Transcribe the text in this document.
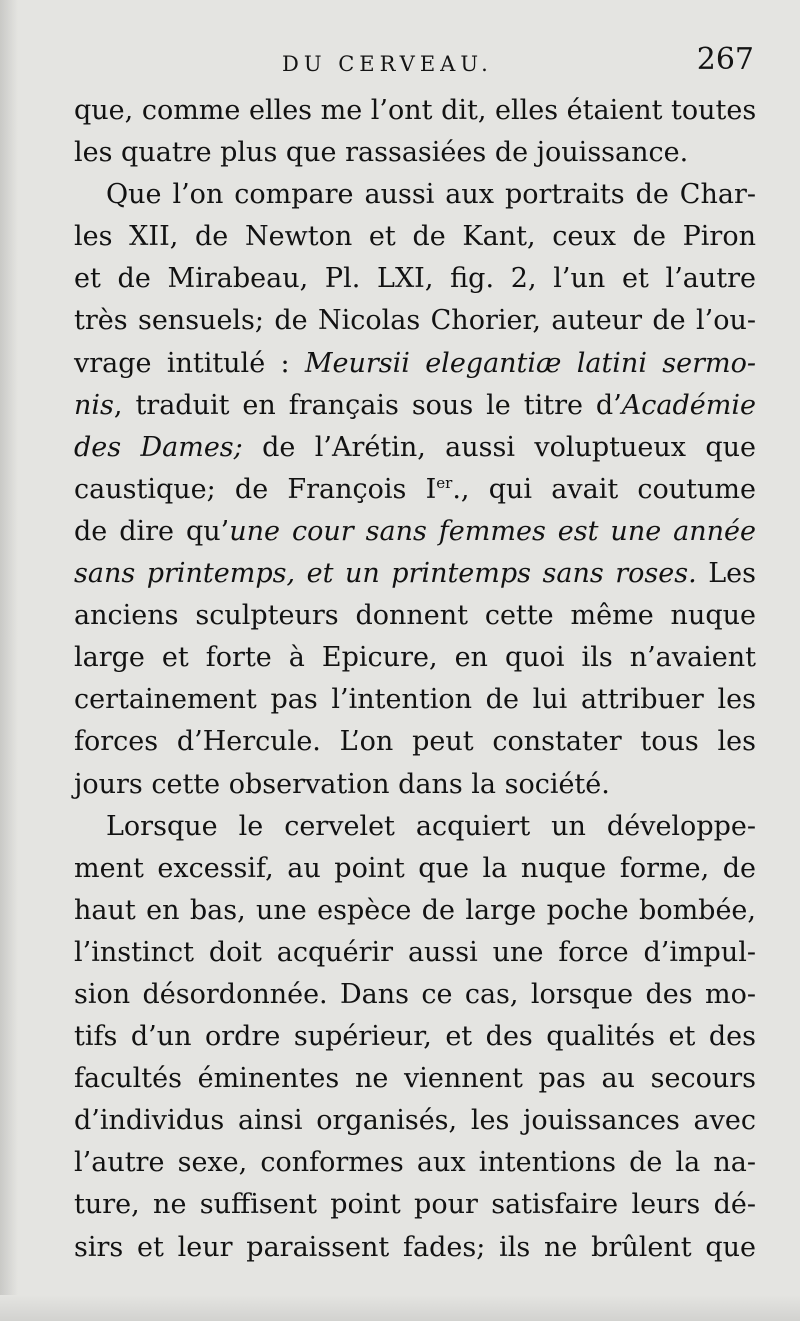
DU CERVEAU.	267
que, comme elles me l’ont dit, elles étaient toutes
les quatre plus que rassasiées de jouissance.
Que l’on compare aussi aux portraits de Char-
les XII, de Newton et de Kant, ceux de Piron
et de Mirabeau, Pl. LXI, fig. 2, l’un et l’autre
très sensuels; de Nicolas Chorier, auteur de l’ou-
vrage intitulé : Meursii elegantiæ latini sermo-
nis, traduit en français sous le titre d’Académie
des Dames; de l’Arétin, aussi voluptueux que
caustique; de François Ier., qui avait coutume
de dire qu’une cour sans femmes est une année
sans printemps, et un printemps sans roses. Les
anciens sculpteurs donnent cette même nuque
large et forte à Epicure, en quoi ils n’avaient
certainement pas l’intention de lui attribuer les
forces d’Hercule. L’on peut constater tous les
jours cette observation dans la société.
Lorsque le cervelet acquiert un développe-
ment excessif, au point que la nuque forme, de
haut en bas, une espèce de large poche bombée,
l’instinct doit acquérir aussi une force d’impul-
sion désordonnée. Dans ce cas, lorsque des mo-
tifs d’un ordre supérieur, et des qualités et des
facultés éminentes ne viennent pas au secours
d’individus ainsi organisés, les jouissances avec
l’autre sexe, conformes aux intentions de la na-
ture, ne suffisent point pour satisfaire leurs dé-
sirs et leur paraissent fades; ils ne brûlent que
